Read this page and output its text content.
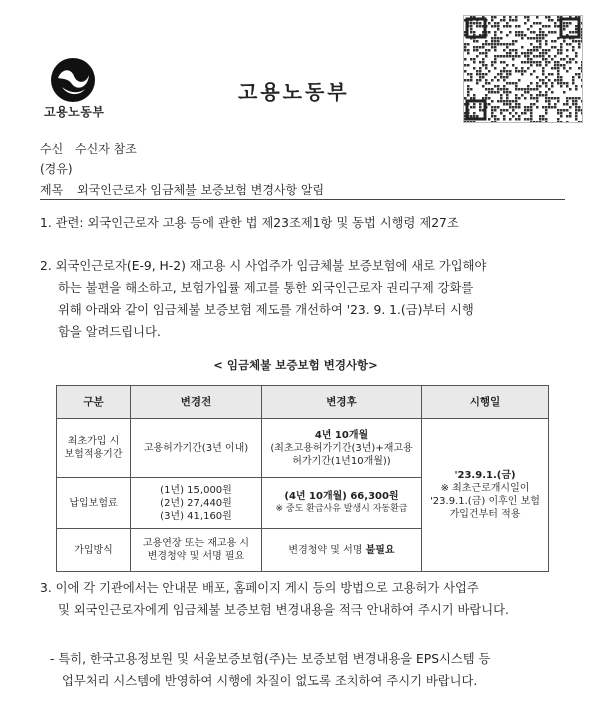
고용노동부
고용노동부
수신 수신자 참조
(경유)
제목 외국인근로자 임금체불 보증보험 변경사항 알림
1. 관련: 외국인근로자 고용 등에 관한 법 제23조제1항 및 동법 시행령 제27조
2. 외국인근로자(E-9, H-2) 재고용 시 사업주가 임금체불 보증보험에 새로 가입해야
하는 불편을 해소하고, 보험가입률 제고를 통한 외국인근로자 권리구제 강화를
위해 아래와 같이 임금체불 보증보험 제도를 개선하여 '23. 9. 1.(금)부터 시행
함을 알려드립니다.
< 임금체불 보증보험 변경사항>
구분	변경전	변경후	시행일

최초가입 시
보험적용기간	고용허가기간(3년 이내)	4년 10개월
(최초고용허가기간(3년)+재고용
허가기간(1년10개월))	'23.9.1.(금)
※ 최초근로개시일이
'23.9.1.(금) 이후인 보험
가입건부터 적용

납입보험료	(1년) 15,000원
(2년) 27,440원
(3년) 41,160원	(4년 10개월) 66,300원
※ 중도 환급사유 발생시 자동환급	

가입방식	고용연장 또는 재고용 시
변경청약 및 서명 필요	변경청약 및 서명 불필요	
3. 이에 각 기관에서는 안내문 배포, 홈페이지 게시 등의 방법으로 고용허가 사업주
및 외국인근로자에게 임금체불 보증보험 변경내용을 적극 안내하여 주시기 바랍니다.
- 특히, 한국고용정보원 및 서울보증보험(주)는 보증보험 변경내용을 EPS시스템 등
업무처리 시스템에 반영하여 시행에 차질이 없도록 조치하여 주시기 바랍니다.
